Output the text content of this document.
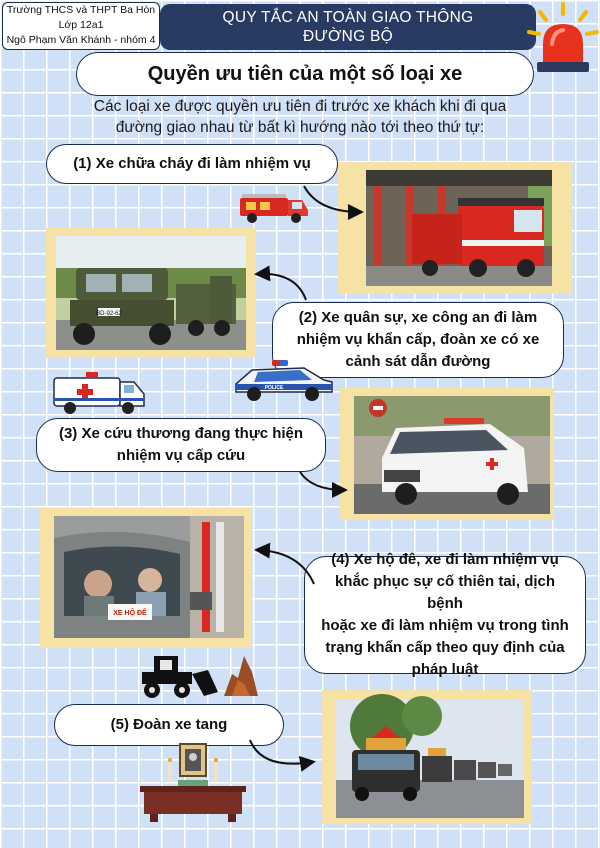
Trường THCS và THPT Ba Hòn
Lớp 12a1
Ngô Phạm Văn Khánh - nhóm 4
QUY TẮC AN TOÀN GIAO THÔNG
ĐƯỜNG BỘ
Quyền ưu tiên của một số loại xe
Các loại xe được quyền ưu tiên đi trước xe khách khi đi qua
đường giao nhau từ bất kì hướng nào tới theo thứ tự:
(1) Xe chữa cháy đi làm nhiệm vụ
(2) Xe quân sự, xe công an đi làm
nhiệm vụ khẩn cấp, đoàn xe có xe
cảnh sát dẫn đường
(3) Xe cứu thương đang thực hiện
nhiệm vụ cấp cứu
(4) Xe hộ đê, xe đi làm nhiệm vụ
khắc phục sự cố thiên tai, dịch bệnh
hoặc xe đi làm nhiệm vụ trong tình
trạng khẩn cấp theo quy định của
pháp luật
(5) Đoàn xe tang
BD-92-62
XE HỘ ĐÊ
POLICE
